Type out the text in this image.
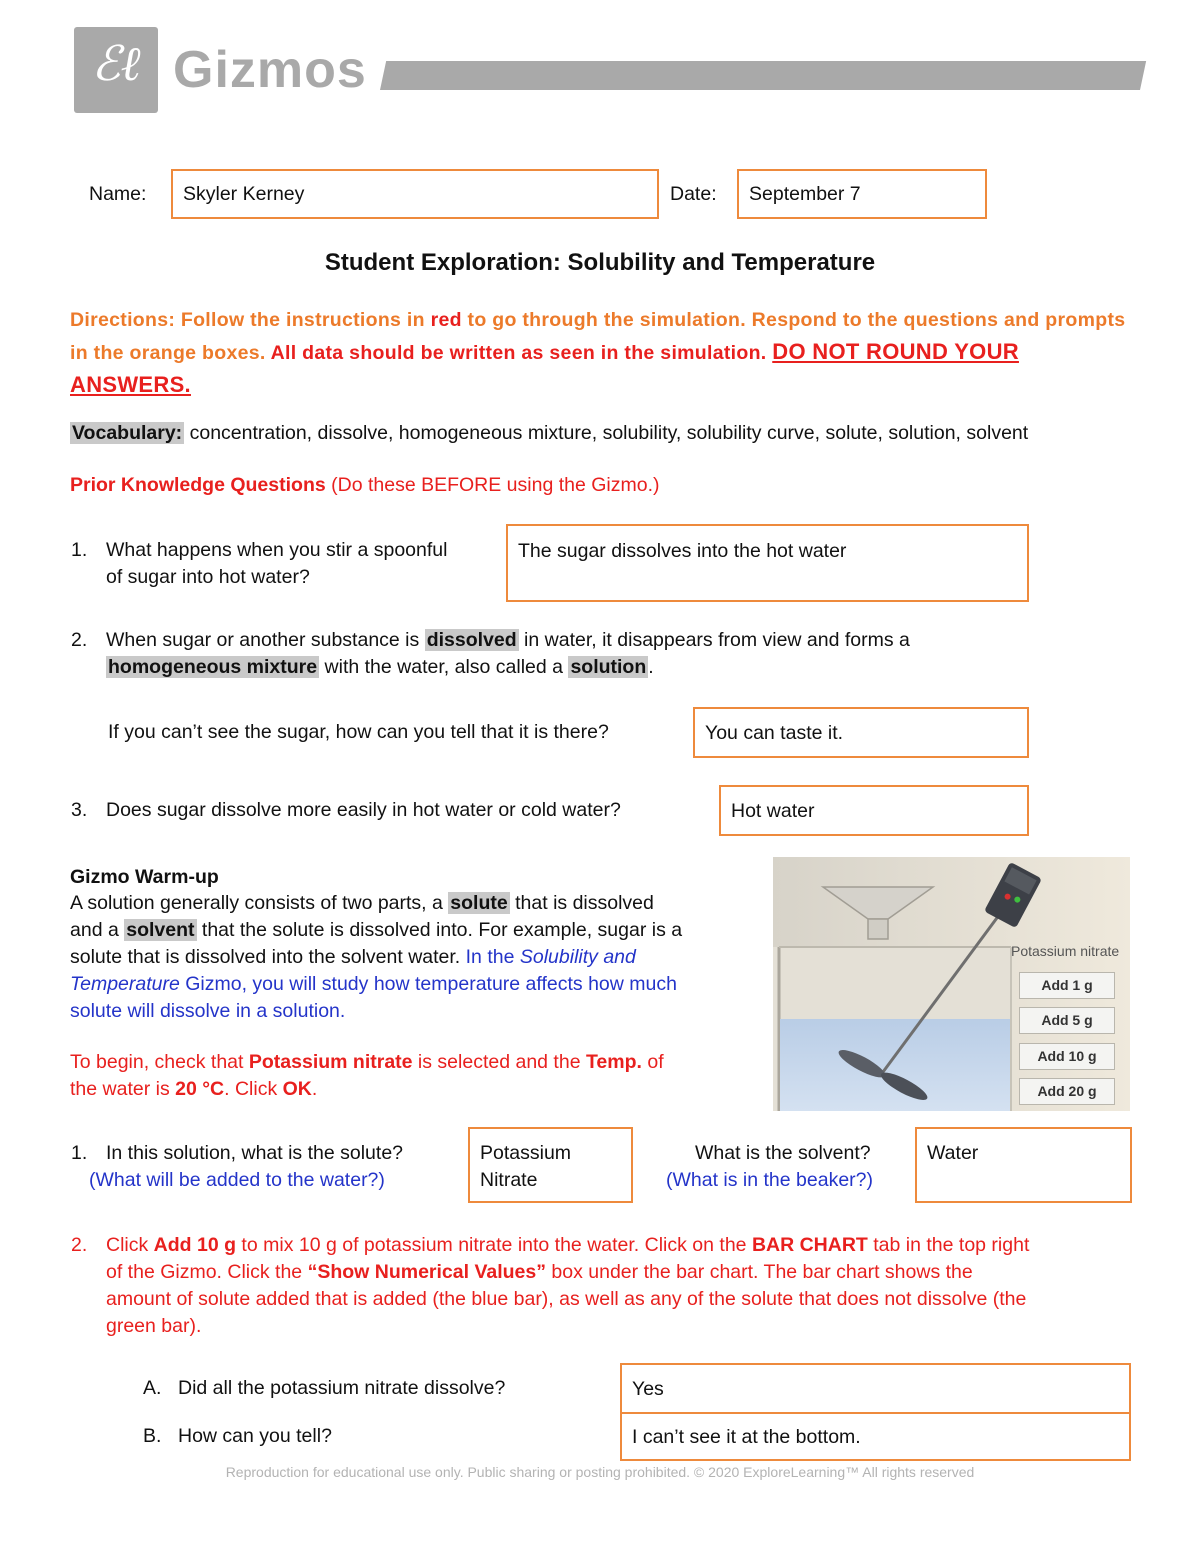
ℰℓ Gizmos
Name:	Skyler Kerney	Date:	September 7
Student Exploration: Solubility and Temperature
Directions: Follow the instructions in red to go through the simulation. Respond to the questions and prompts in the orange boxes. All data should be written as seen in the simulation. DO NOT ROUND YOUR ANSWERS.
Vocabulary: concentration, dissolve, homogeneous mixture, solubility, solubility curve, solute, solution, solvent
Prior Knowledge Questions (Do these BEFORE using the Gizmo.)
1. What happens when you stir a spoonful
of sugar into hot water?
The sugar dissolves into the hot water
2. When sugar or another substance is dissolved in water, it disappears from view and forms a
homogeneous mixture with the water, also called a solution .
If you can’t see the sugar, how can you tell that it is there?	You can taste it.
3. Does sugar dissolve more easily in hot water or cold water?	Hot water
Gizmo Warm-up
A solution generally consists of two parts, a solute that is dissolved
and a solvent that the solute is dissolved into. For example, sugar is a
solute that is dissolved into the solvent water. In the Solubility and
Temperature Gizmo, you will study how temperature affects how much
solute will dissolve in a solution.
To begin, check that Potassium nitrate is selected and the Temp. of
the water is 20 °C. Click OK.
Potassium nitrate
Add 1 g
Add 5 g
Add 10 g
Add 20 g
1. In this solution, what is the solute?
(What will be added to the water?)
Potassium
Nitrate
What is the solvent?
(What is in the beaker?)
Water
2. Click Add 10 g to mix 10 g of potassium nitrate into the water. Click on the BAR CHART tab in the top right
of the Gizmo. Click the “Show Numerical Values” box under the bar chart. The bar chart shows the
amount of solute added that is added (the blue bar), as well as any of the solute that does not dissolve (the
green bar).
A. Did all the potassium nitrate dissolve?	Yes
B. How can you tell?	I can’t see it at the bottom.
Reproduction for educational use only. Public sharing or posting prohibited. © 2020 ExploreLearning™ All rights reserved
